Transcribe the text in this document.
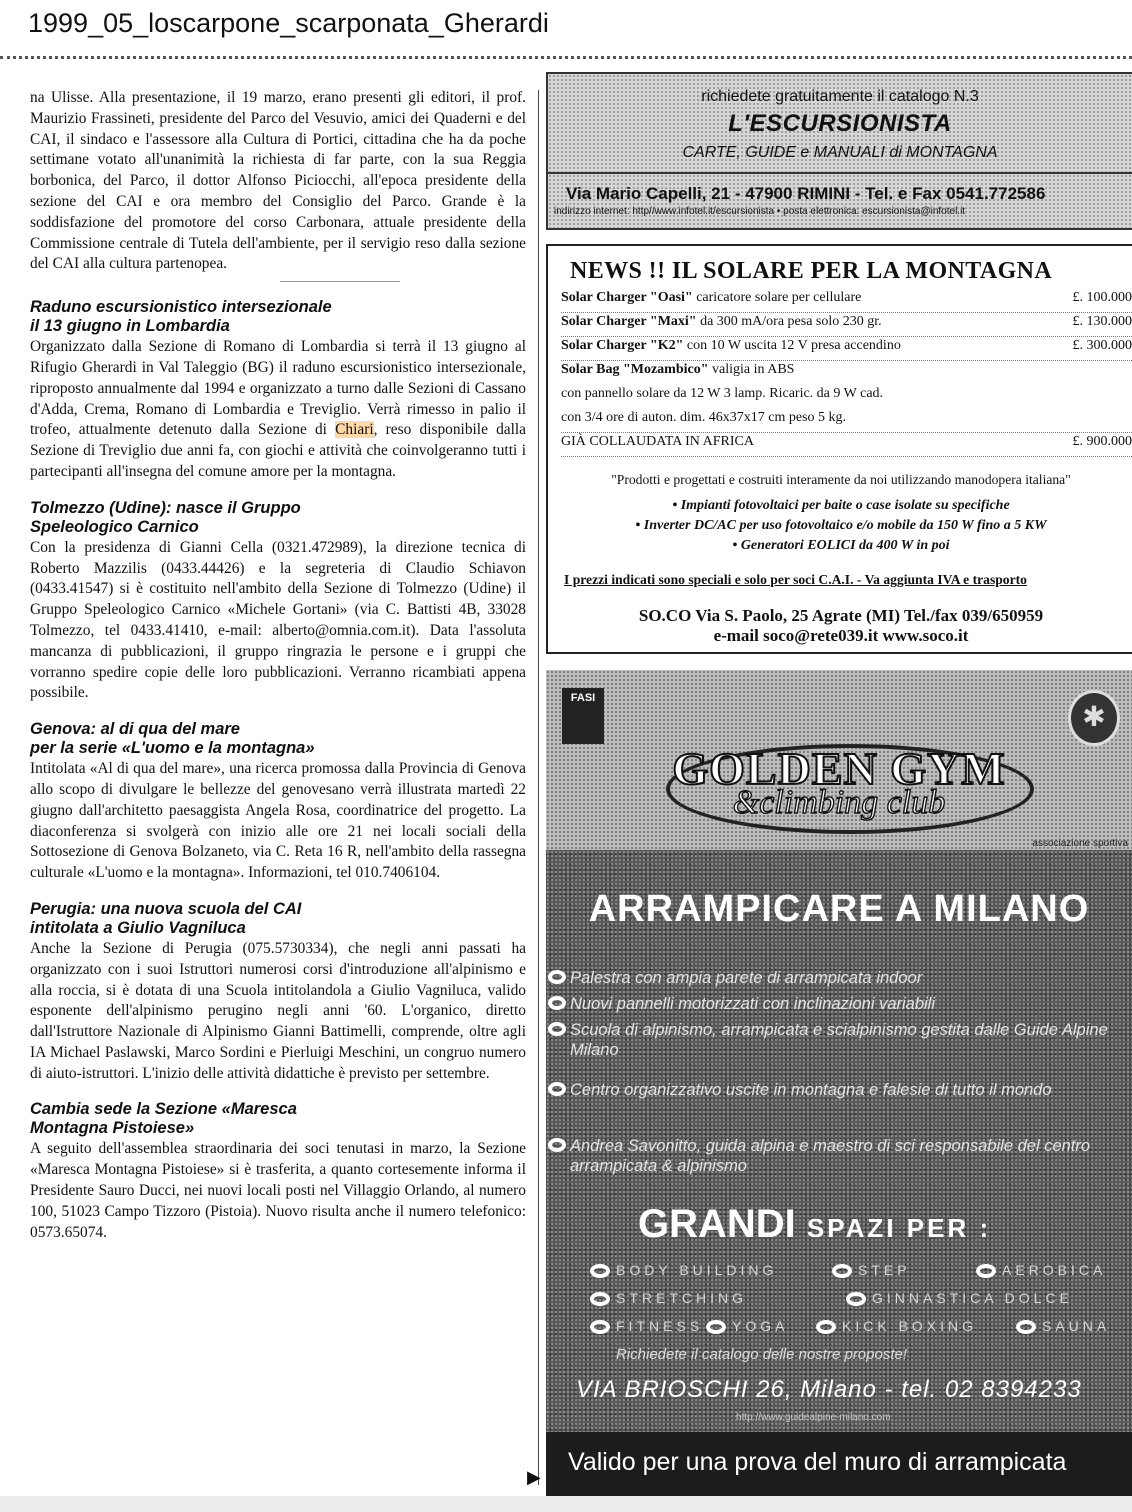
1999_05_loscarpone_scarponata_Gherardi

na Ulisse. Alla presentazione, il 19 marzo, erano presenti gli editori, il prof. Maurizio Frassineti, presidente del Parco del Vesuvio, amici dei Quaderni e del CAI, il sindaco e l'assessore alla Cultura di Portici, cittadina che ha da poche settimane votato all'unanimità la richiesta di far parte, con la sua Reggia borbonica, del Parco, il dottor Alfonso Piciocchi, all'epoca presidente della sezione del CAI e ora membro del Consiglio del Parco. Grande è la soddisfazione del promotore del corso Carbonara, attuale presidente della Commissione centrale di Tutela dell'ambiente, per il servigio reso dalla sezione del CAI alla cultura partenopea.

Raduno escursionistico intersezionale
il 13 giugno in Lombardia

Organizzato dalla Sezione di Romano di Lombardia si terrà il 13 giugno al Rifugio Gherardi in Val Taleggio (BG) il raduno escursionistico intersezionale, riproposto annualmente dal 1994 e organizzato a turno dalle Sezioni di Cassano d'Adda, Crema, Romano di Lombardia e Treviglio. Verrà rimesso in palio il trofeo, attualmente detenuto dalla Sezione di Chiari, reso disponibile dalla Sezione di Treviglio due anni fa, con giochi e attività che coinvolgeranno tutti i partecipanti all'insegna del comune amore per la montagna.

Tolmezzo (Udine): nasce il Gruppo
Speleologico Carnico

Con la presidenza di Gianni Cella (0321.472989), la direzione tecnica di Roberto Mazzilis (0433.44426) e la segreteria di Claudio Schiavon (0433.41547) si è costituito nell'ambito della Sezione di Tolmezzo (Udine) il Gruppo Speleologico Carnico «Michele Gortani» (via C. Battisti 4B, 33028 Tolmezzo, tel 0433.41410, e-mail: alberto@omnia.com.it). Data l'assoluta mancanza di pubblicazioni, il gruppo ringrazia le persone e i gruppi che vorranno spedire copie delle loro pubblicazioni. Verranno ricambiati appena possibile.

Genova: al di qua del mare
per la serie «L'uomo e la montagna»

Intitolata «Al di qua del mare», una ricerca promossa dalla Provincia di Genova allo scopo di divulgare le bellezze del genovesano verrà illustrata martedì 22 giugno dall'architetto paesaggista Angela Rosa, coordinatrice del progetto. La diaconferenza si svolgerà con inizio alle ore 21 nei locali sociali della Sottosezione di Genova Bolzaneto, via C. Reta 16 R, nell'ambito della rassegna culturale «L'uomo e la montagna». Informazioni, tel 010.7406104.

Perugia: una nuova scuola del CAI
intitolata a Giulio Vagniluca

Anche la Sezione di Perugia (075.5730334), che negli anni passati ha organizzato con i suoi Istruttori numerosi corsi d'introduzione all'alpinismo e alla roccia, si è dotata di una Scuola intitolandola a Giulio Vagniluca, valido esponente dell'alpinismo perugino negli anni '60. L'organico, diretto dall'Istruttore Nazionale di Alpinismo Gianni Battimelli, comprende, oltre agli IA Michael Paslawski, Marco Sordini e Pierluigi Meschini, un congruo numero di aiuto-istruttori. L'inizio delle attività didattiche è previsto per settembre.

Cambia sede la Sezione «Maresca
Montagna Pistoiese»

A seguito dell'assemblea straordinaria dei soci tenutasi in marzo, la Sezione «Maresca Montagna Pistoiese» si è trasferita, a quanto cortesemente informa il Presidente Sauro Ducci, nei nuovi locali posti nel Villaggio Orlando, al numero 100, 51023 Campo Tizzoro (Pistoia). Nuovo risulta anche il numero telefonico: 0573.65074.

▶
richiedete gratuitamente il catalogo N.3
L'ESCURSIONISTA
CARTE, GUIDE e MANUALI di MONTAGNA
Via Mario Capelli, 21 - 47900 RIMINI - Tel. e Fax 0541.772586
indirizzo internet: http//www.infotel.it/escursionista • posta elettronica: escursionista@infotel.it
NEWS !! IL SOLARE PER LA MONTAGNA
Solar Charger "Oasi" caricatore solare per cellulare	£. 100.000
Solar Charger "Maxi" da 300 mA/ora pesa solo 230 gr.	£. 130.000
Solar Charger "K2" con 10 W uscita 12 V presa accendino	£. 300.000
Solar Bag "Mozambico" valigia in ABS
con pannello solare da 12 W 3 lamp. Ricaric. da 9 W cad.
con 3/4 ore di auton. dim. 46x37x17 cm peso 5 kg.
GIÀ COLLAUDATA IN AFRICA	£. 900.000
"Prodotti e progettati e costruiti interamente da noi utilizzando manodopera italiana"
• Impianti fotovoltaici per baite o case isolate su specifiche
• Inverter DC/AC per uso fotovoltaico e/o mobile da 150 W fino a 5 KW
• Generatori EOLICI da 400 W in poi
I prezzi indicati sono speciali e solo per soci C.A.I. - Va aggiunta IVA e trasporto
SO.CO Via S. Paolo, 25 Agrate (MI) Tel./fax 039/650959
e-mail soco@rete039.it www.soco.it
FASI
✱
GOLDEN GYM
&climbing club
associazione sportiva
ARRAMPICARE A MILANO
Palestra con ampia parete di arrampicata indoor
Nuovi pannelli motorizzati con inclinazioni variabili
Scuola di alpinismo, arrampicata e scialpinismo gestita dalle Guide Alpine Milano
Centro organizzativo uscite in montagna e falesie di tutto il mondo
Andrea Savonitto, guida alpina e maestro di sci responsabile del centro arrampicata & alpinismo
GRANDI SPAZI PER :
BODY BUILDING	STEP	AEROBICA
STRETCHING	GINNASTICA DOLCE
FITNESS	YOGA	KICK BOXING	SAUNA
Richiedete il catalogo delle nostre proposte!
VIA BRIOSCHI 26, Milano - tel. 02 8394233
http://www.guidealpine-milano.com
Valido per una prova del muro di arrampicata
